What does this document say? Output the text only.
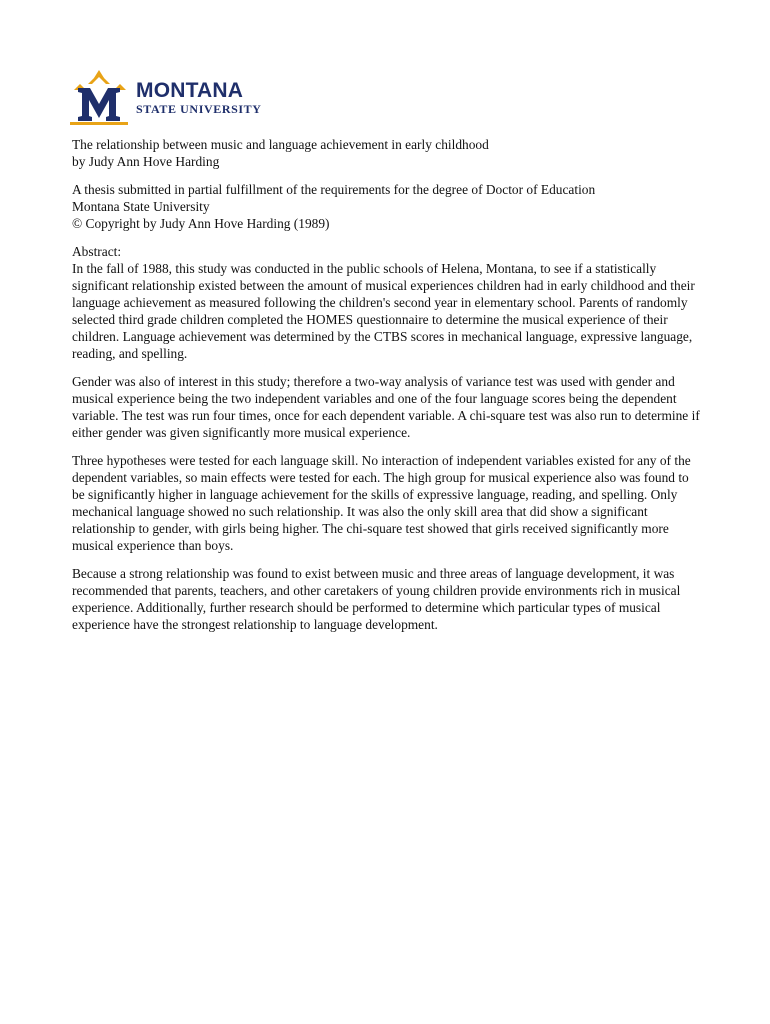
MONTANA
STATE UNIVERSITY

The relationship between music and language achievement in early childhood
by Judy Ann Hove Harding

A thesis submitted in partial fulfillment of the requirements for the degree of Doctor of Education
Montana State University
© Copyright by Judy Ann Hove Harding (1989)

Abstract:
In the fall of 1988, this study was conducted in the public schools of Helena, Montana, to see if a statistically significant relationship existed between the amount of musical experiences children had in early childhood and their language achievement as measured following the children's second year in elementary school. Parents of randomly selected third grade children completed the HOMES questionnaire to determine the musical experience of their children. Language achievement was determined by the CTBS scores in mechanical language, expressive language, reading, and spelling.

Gender was also of interest in this study; therefore a two-way analysis of variance test was used with gender and musical experience being the two independent variables and one of the four language scores being the dependent variable. The test was run four times, once for each dependent variable. A chi-square test was also run to determine if either gender was given significantly more musical experience.

Three hypotheses were tested for each language skill. No interaction of independent variables existed for any of the dependent variables, so main effects were tested for each. The high group for musical experience also was found to be significantly higher in language achievement for the skills of expressive language, reading, and spelling. Only mechanical language showed no such relationship. It was also the only skill area that did show a significant relationship to gender, with girls being higher. The chi-square test showed that girls received significantly more musical experience than boys.

Because a strong relationship was found to exist between music and three areas of language development, it was recommended that parents, teachers, and other caretakers of young children provide environments rich in musical experience. Additionally, further research should be performed to determine which particular types of musical experience have the strongest relationship to language development.
